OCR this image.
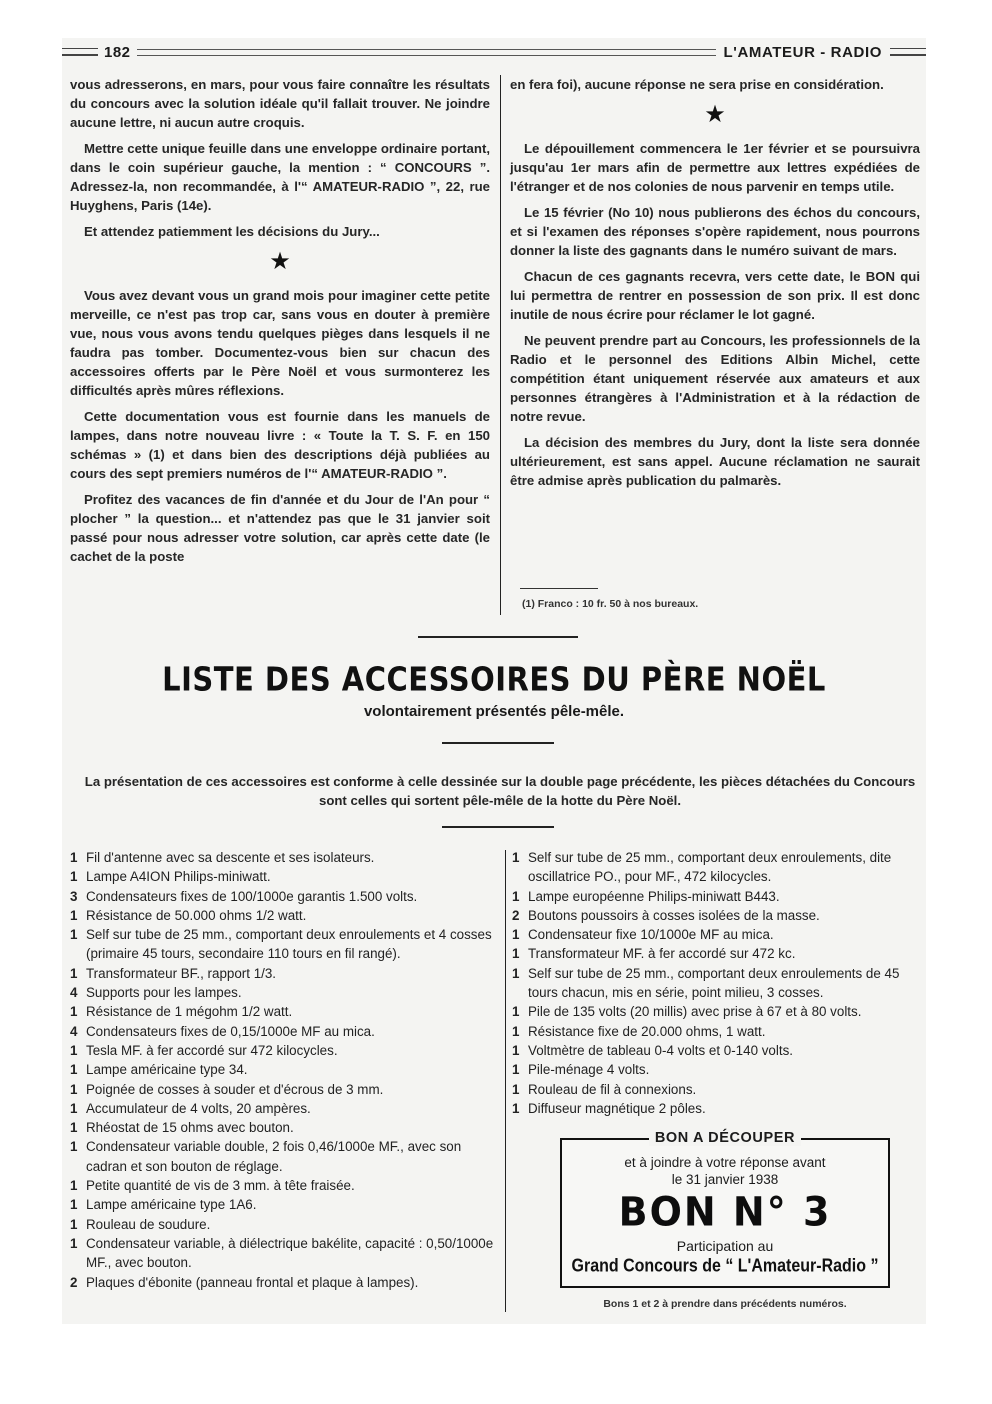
182	L'AMATEUR - RADIO

vous adresserons, en mars, pour vous faire connaître les résultats du concours avec la solution idéale qu'il fallait trouver. Ne joindre aucune lettre, ni aucun autre croquis.

Mettre cette unique feuille dans une enveloppe ordinaire portant, dans le coin supérieur gauche, la mention : “ CONCOURS ”. Adressez-la, non recommandée, à l'“ AMATEUR-RADIO ”, 22, rue Huyghens, Paris (14e).

Et attendez patiemment les décisions du Jury...

★

Vous avez devant vous un grand mois pour imaginer cette petite merveille, ce n'est pas trop car, sans vous en douter à première vue, nous vous avons tendu quelques pièges dans lesquels il ne faudra pas tomber. Documentez-vous bien sur chacun des accessoires offerts par le Père Noël et vous surmonterez les difficultés après mûres réflexions.

Cette documentation vous est fournie dans les manuels de lampes, dans notre nouveau livre : « Toute la T. S. F. en 150 schémas » (1) et dans bien des descriptions déjà publiées au cours des sept premiers numéros de l'“ AMATEUR-RADIO ”.

Profitez des vacances de fin d'année et du Jour de l'An pour “ plocher ” la question... et n'attendez pas que le 31 janvier soit passé pour nous adresser votre solution, car après cette date (le cachet de la poste

en fera foi), aucune réponse ne sera prise en considération.

★

Le dépouillement commencera le 1er février et se poursuivra jusqu'au 1er mars afin de permettre aux lettres expédiées de l'étranger et de nos colonies de nous parvenir en temps utile.

Le 15 février (No 10) nous publierons des échos du concours, et si l'examen des réponses s'opère rapidement, nous pourrons donner la liste des gagnants dans le numéro suivant de mars.

Chacun de ces gagnants recevra, vers cette date, le BON qui lui permettra de rentrer en possession de son prix. Il est donc inutile de nous écrire pour réclamer le lot gagné.

Ne peuvent prendre part au Concours, les professionnels de la Radio et le personnel des Editions Albin Michel, cette compétition étant uniquement réservée aux amateurs et aux personnes étrangères à l'Administration et à la rédaction de notre revue.

La décision des membres du Jury, dont la liste sera donnée ultérieurement, est sans appel. Aucune réclamation ne saurait être admise après publication du palmarès.

(1) Franco : 10 fr. 50 à nos bureaux.
LISTE DES ACCESSOIRES DU PÈRE NOËL
volontairement présentés pêle-mêle.
La présentation de ces accessoires est conforme à celle dessinée sur la double page précédente, les pièces détachées du Concours sont celles qui sortent pêle-mêle de la hotte du Père Noël.
1 Fil d'antenne avec sa descente et ses isolateurs.
1 Lampe A4ION Philips-miniwatt.
3 Condensateurs fixes de 100/1000e garantis 1.500 volts.
1 Résistance de 50.000 ohms 1/2 watt.
1 Self sur tube de 25 mm., comportant deux enroulements et 4 cosses (primaire 45 tours, secondaire 110 tours en fil rangé).
1 Transformateur BF., rapport 1/3.
4 Supports pour les lampes.
1 Résistance de 1 mégohm 1/2 watt.
4 Condensateurs fixes de 0,15/1000e MF au mica.
1 Tesla MF. à fer accordé sur 472 kilocycles.
1 Lampe américaine type 34.
1 Poignée de cosses à souder et d'écrous de 3 mm.
1 Accumulateur de 4 volts, 20 ampères.
1 Rhéostat de 15 ohms avec bouton.
1 Condensateur variable double, 2 fois 0,46/1000e MF., avec son cadran et son bouton de réglage.
1 Petite quantité de vis de 3 mm. à tête fraisée.
1 Lampe américaine type 1A6.
1 Rouleau de soudure.
1 Condensateur variable, à diélectrique bakélite, capacité : 0,50/1000e MF., avec bouton.
2 Plaques d'ébonite (panneau frontal et plaque à lampes).
1 Self sur tube de 25 mm., comportant deux enroulements, dite oscillatrice PO., pour MF., 472 kilocycles.
1 Lampe européenne Philips-miniwatt B443.
2 Boutons poussoirs à cosses isolées de la masse.
1 Condensateur fixe 10/1000e MF au mica.
1 Transformateur MF. à fer accordé sur 472 kc.
1 Self sur tube de 25 mm., comportant deux enroulements de 45 tours chacun, mis en série, point milieu, 3 cosses.
1 Pile de 135 volts (20 millis) avec prise à 67 et à 80 volts.
1 Résistance fixe de 20.000 ohms, 1 watt.
1 Voltmètre de tableau 0-4 volts et 0-140 volts.
1 Pile-ménage 4 volts.
1 Rouleau de fil à connexions.
1 Diffuseur magnétique 2 pôles.
BON A DÉCOUPER
et à joindre à votre réponse avant
le 31 janvier 1938
BON N° 3
Participation au
Grand Concours de “ L'Amateur-Radio ”
Bons 1 et 2 à prendre dans précédents numéros.
